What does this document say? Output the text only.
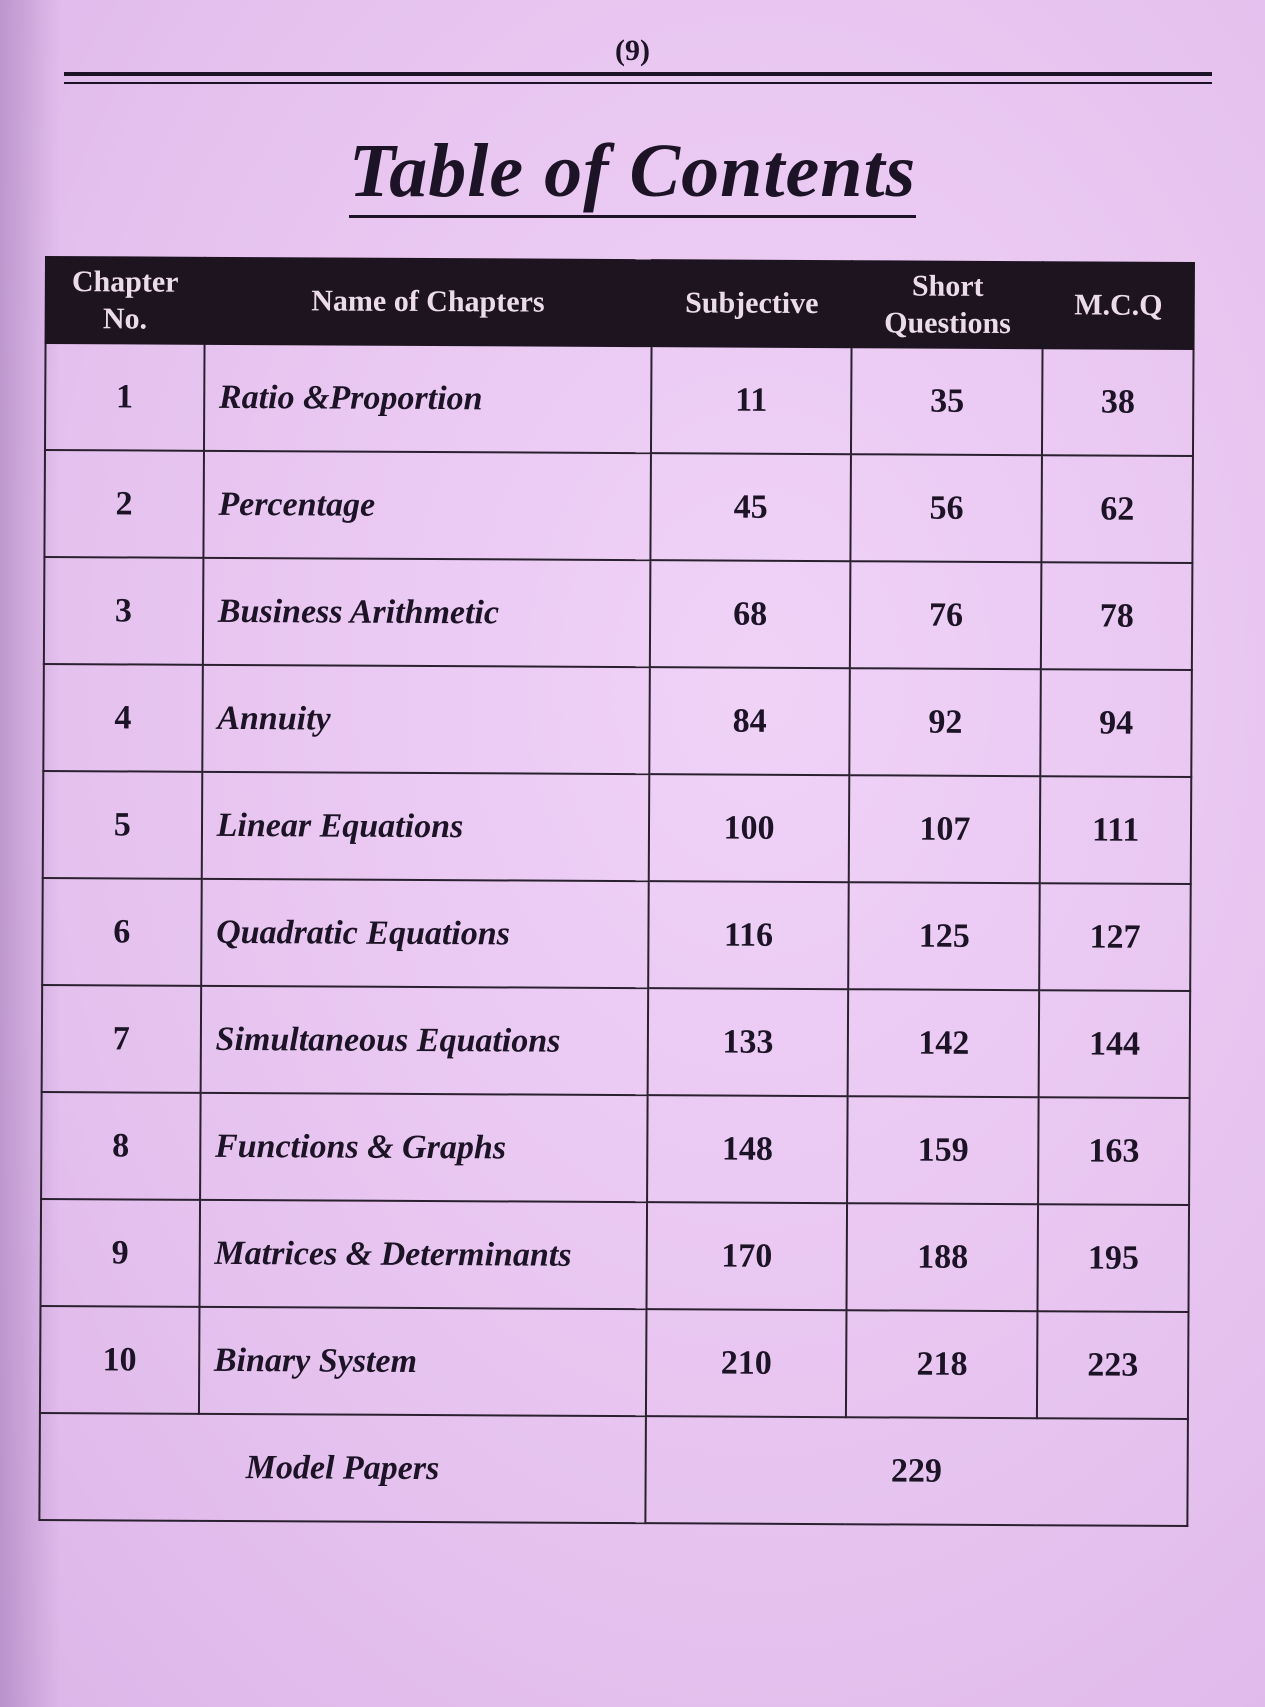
(9)
Table of Contents
Chapter No.	Name of Chapters	Subjective	Short Questions	M.C.Q
1	Ratio &Proportion	11	35	38
2	Percentage	45	56	62
3	Business Arithmetic	68	76	78
4	Annuity	84	92	94
5	Linear Equations	100	107	111
6	Quadratic Equations	116	125	127
7	Simultaneous Equations	133	142	144
8	Functions & Graphs	148	159	163
9	Matrices & Determinants	170	188	195
10	Binary System	210	218	223
Model Papers		229		
